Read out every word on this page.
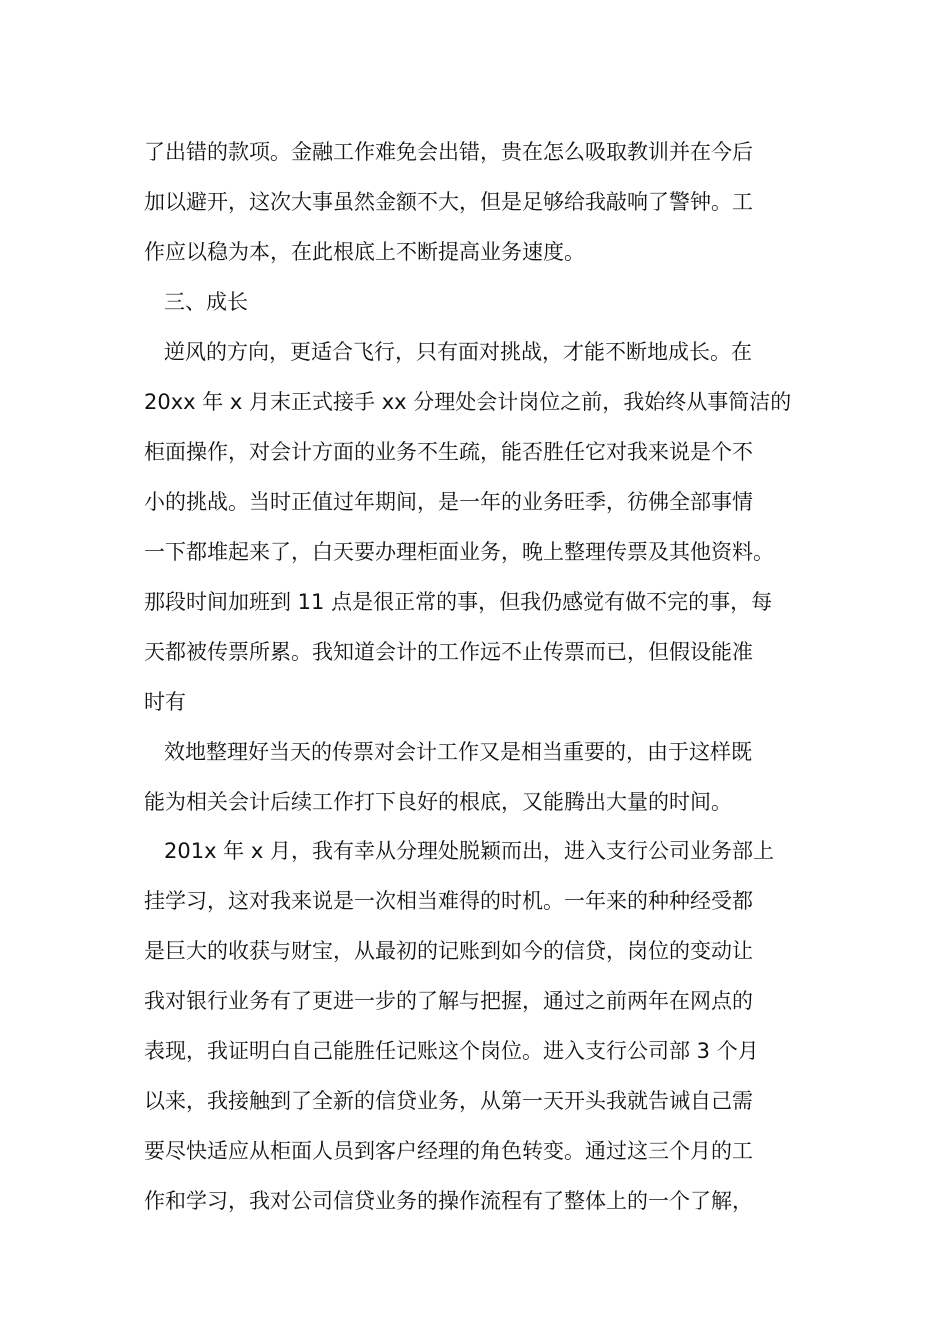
了出错的款项。金融工作难免会出错，贵在怎么吸取教训并在今后
加以避开，这次大事虽然金额不大，但是足够给我敲响了警钟。工
作应以稳为本，在此根底上不断提高业务速度。
三、成长
逆风的方向，更适合飞行，只有面对挑战，才能不断地成长。在
20xx 年 x 月末正式接手 xx 分理处会计岗位之前，我始终从事简洁的
柜面操作，对会计方面的业务不生疏，能否胜任它对我来说是个不
小的挑战。当时正值过年期间，是一年的业务旺季，彷佛全部事情
一下都堆起来了，白天要办理柜面业务，晚上整理传票及其他资料。
那段时间加班到 11 点是很正常的事，但我仍感觉有做不完的事，每
天都被传票所累。我知道会计的工作远不止传票而已，但假设能准
时有
效地整理好当天的传票对会计工作又是相当重要的，由于这样既
能为相关会计后续工作打下良好的根底，又能腾出大量的时间。
201x 年 x 月，我有幸从分理处脱颖而出，进入支行公司业务部上
挂学习，这对我来说是一次相当难得的时机。一年来的种种经受都
是巨大的收获与财宝，从最初的记账到如今的信贷，岗位的变动让
我对银行业务有了更进一步的了解与把握，通过之前两年在网点的
表现，我证明白自己能胜任记账这个岗位。进入支行公司部 3 个月
以来，我接触到了全新的信贷业务，从第一天开头我就告诫自己需
要尽快适应从柜面人员到客户经理的角色转变。通过这三个月的工
作和学习，我对公司信贷业务的操作流程有了整体上的一个了解，
